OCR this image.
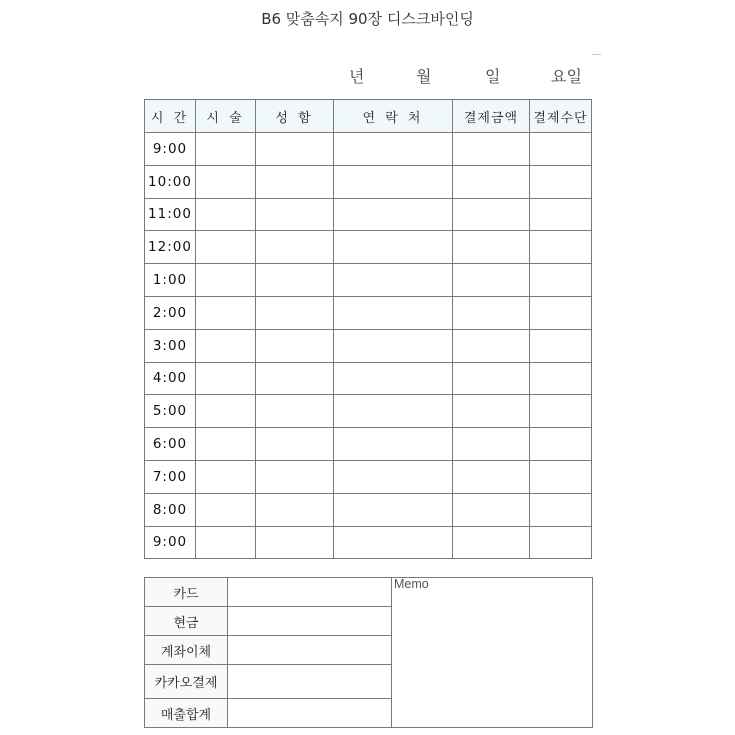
B6 맞춤속지 90장 디스크바인딩
년	월	일	요일
시 간	시 술	성 함	연 락 처	결제금액	결제수단
9:00					
10:00					
11:00					
12:00					
1:00					
2:00					
3:00					
4:00					
5:00					
6:00					
7:00					
8:00					
9:00					
카드		Memo
현금		
계좌이체		
카카오결제		
매출합계		
